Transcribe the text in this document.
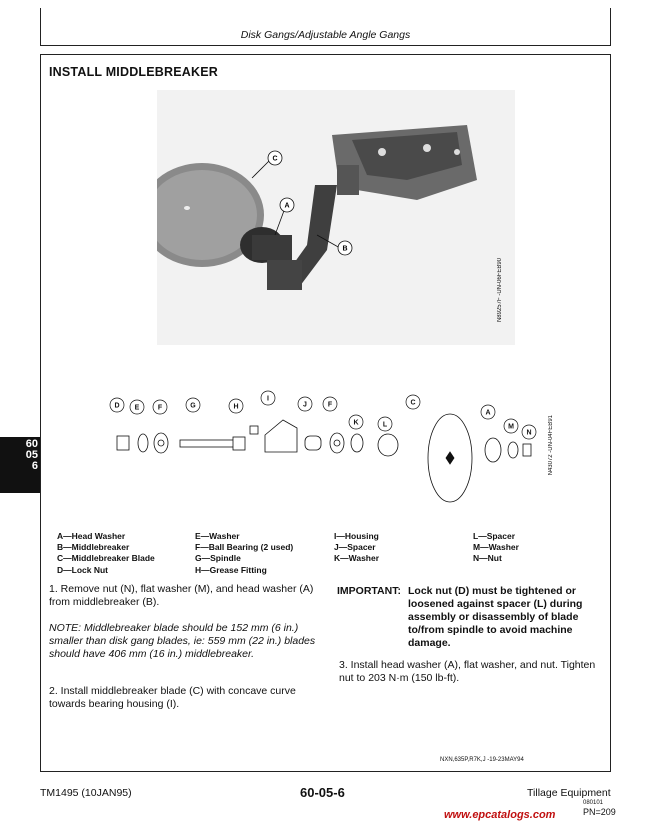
Disk Gangs/Adjustable Angle Gangs
INSTALL MIDDLEBREAKER
C
A
B
N89257F -UN-06FEB90
60
05
6
D E	F	G	H
I
J	F
K	L
C
A
M
N	N43072 -UN-04FEB91
A—Head Washer
B—Middlebreaker
C—Middlebreaker Blade
D—Lock Nut
E—Washer
F—Ball Bearing (2 used)
G—Spindle
H—Grease Fitting
I—Housing
J—Spacer
K—Washer
L—Spacer
M—Washer
N—Nut
1. Remove nut (N), flat washer (M), and head washer (A) from middlebreaker (B).
NOTE: Middlebreaker blade should be 152 mm (6 in.) smaller than disk gang blades, ie: 559 mm (22 in.) blades should have 406 mm (16 in.) middlebreaker.
2. Install middlebreaker blade (C) with concave curve towards bearing housing (I).
IMPORTANT: Lock nut (D) must be tightened or loosened against spacer (L) during assembly or disassembly of blade to/from spindle to avoid machine damage.
3. Install head washer (A), flat washer, and nut. Tighten nut to 203 N·m (150 lb-ft).
NXN,635P,R7K,J -19-23MAY94
TM1495 (10JAN95)	60-05-6	Tillage Equipment
080101
PN=209
www.epcatalogs.com
